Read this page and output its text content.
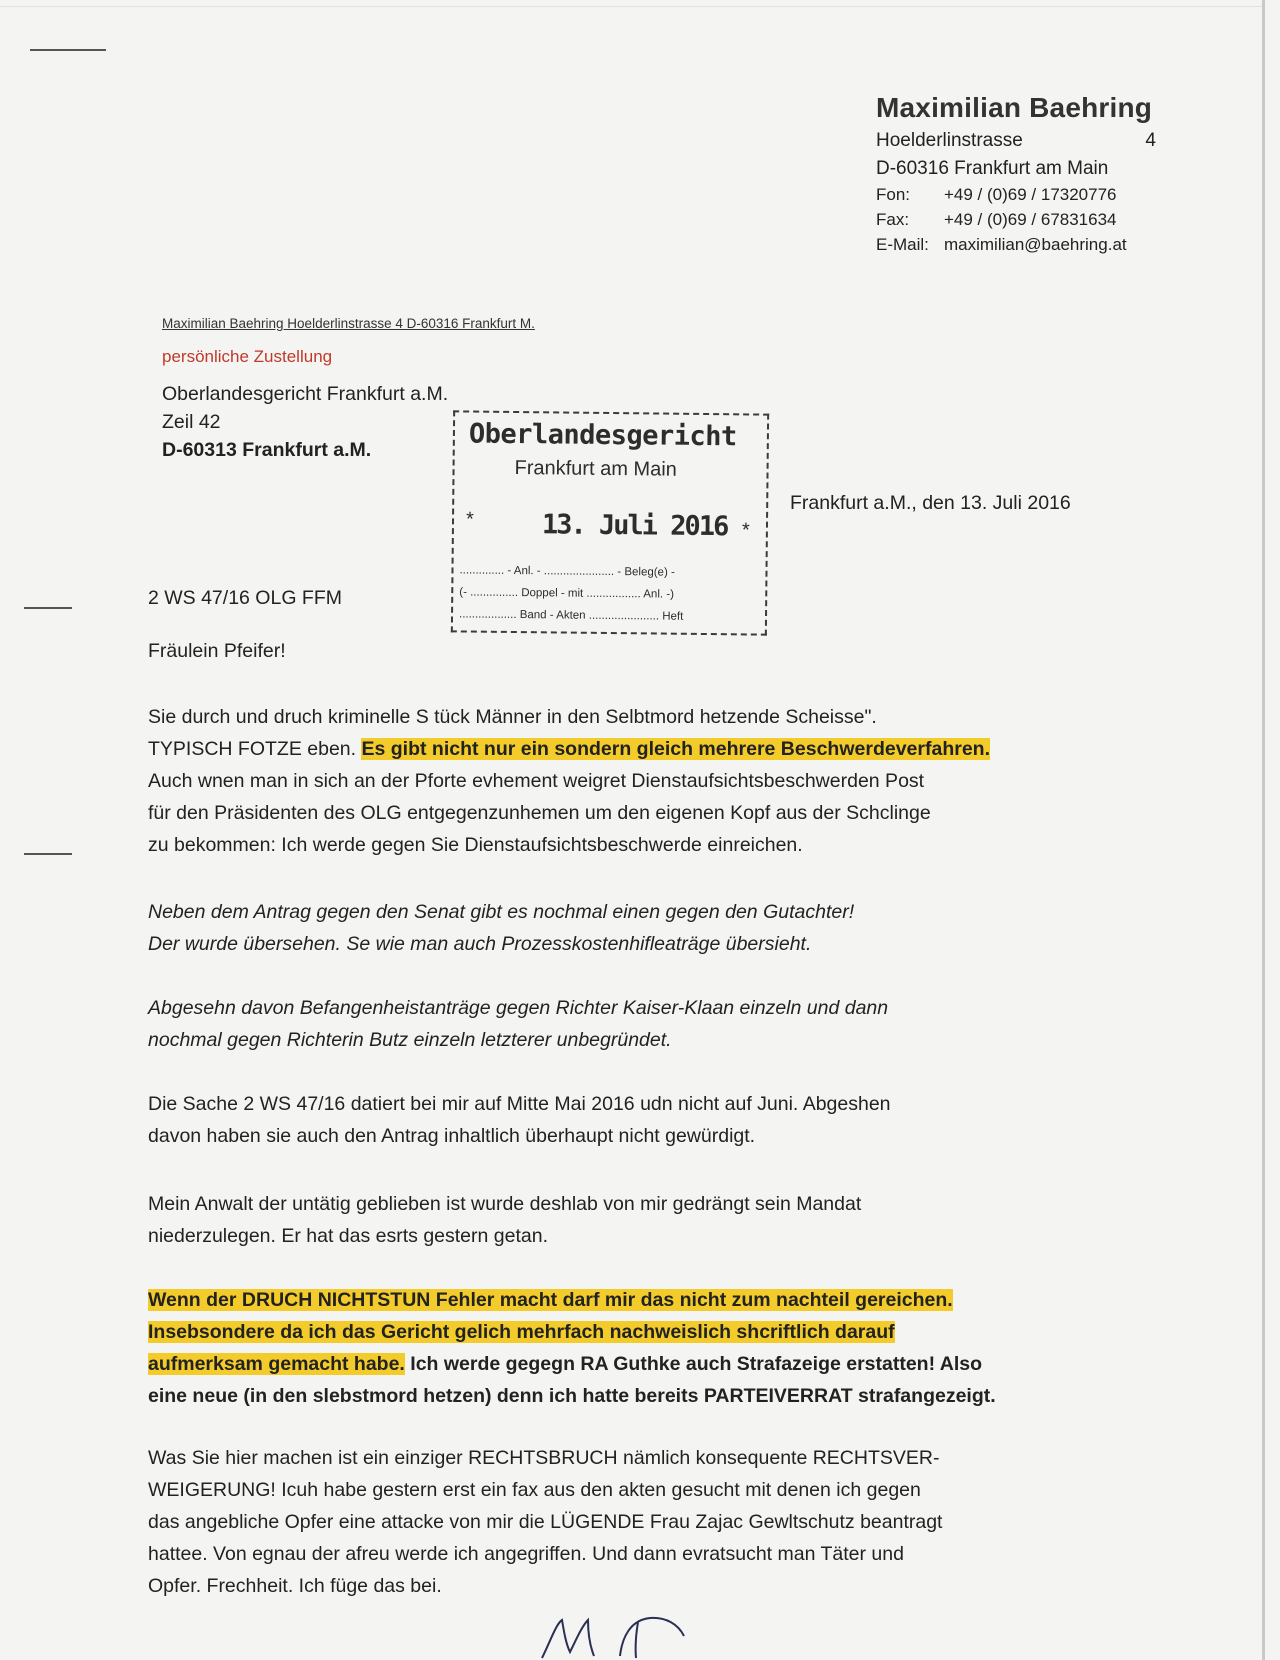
Maximilian Baehring
Hoelderlinstrasse	4
D-60316 Frankfurt am Main
Fon: +49 / (0)69 / 17320776
Fax: +49 / (0)69 / 67831634
E-Mail: maximilian@baehring.at
Maximilian Baehring Hoelderlinstrasse 4 D-60316 Frankfurt M.
persönliche Zustellung
Oberlandesgericht Frankfurt a.M.
Zeil 42
D-60313 Frankfurt a.M.	Oberlandesgericht
Frankfurt am Main
*	13. Juli 2016 *
.............. - Anl. - ...................... - Beleg(e) -
(- ............... Doppel - mit ................. Anl. -)
.................. Band - Akten ...................... Heft
Frankfurt a.M., den 13. Juli 2016
2 WS 47/16 OLG FFM
Fräulein Pfeifer!

Sie durch und druch kriminelle S tück Männer in den Selbtmord hetzende Scheisse".

TYPISCH FOTZE eben. Es gibt nicht nur ein sondern gleich mehrere Beschwerdeverfahren.

Auch wnen man in sich an der Pforte evhement weigret Dienstaufsichtsbeschwerden Post

für den Präsidenten des OLG entgegenzunhemen um den eigenen Kopf aus der Schclinge

zu bekommen: Ich werde gegen Sie Dienstaufsichtsbeschwerde einreichen.

Neben dem Antrag gegen den Senat gibt es nochmal einen gegen den Gutachter!

Der wurde übersehen. Se wie man auch Prozesskostenhifleaträge übersieht.

Abgesehn davon Befangenheistanträge gegen Richter Kaiser-Klaan einzeln und dann

nochmal gegen Richterin Butz einzeln letzterer unbegründet.

Die Sache 2 WS 47/16 datiert bei mir auf Mitte Mai 2016 udn nicht auf Juni. Abgeshen

davon haben sie auch den Antrag inhaltlich überhaupt nicht gewürdigt.

Mein Anwalt der untätig geblieben ist wurde deshlab von mir gedrängt sein Mandat

niederzulegen. Er hat das esrts gestern getan.

Wenn der DRUCH NICHTSTUN Fehler macht darf mir das nicht zum nachteil gereichen.

Insebsondere da ich das Gericht gelich mehrfach nachweislich shcriftlich darauf

aufmerksam gemacht habe. Ich werde gegegn RA Guthke auch Strafazeige erstatten! Also

eine neue (in den slebstmord hetzen) denn ich hatte bereits PARTEIVERRAT strafangezeigt.

Was Sie hier machen ist ein einziger RECHTSBRUCH nämlich konsequente RECHTSVER-

WEIGERUNG! Icuh habe gestern erst ein fax aus den akten gesucht mit denen ich gegen

das angebliche Opfer eine attacke von mir die LÜGENDE Frau Zajac Gewltschutz beantragt

hattee. Von egnau der afreu werde ich angegriffen. Und dann evratsucht man Täter und

Opfer. Frechheit. Ich füge das bei.
